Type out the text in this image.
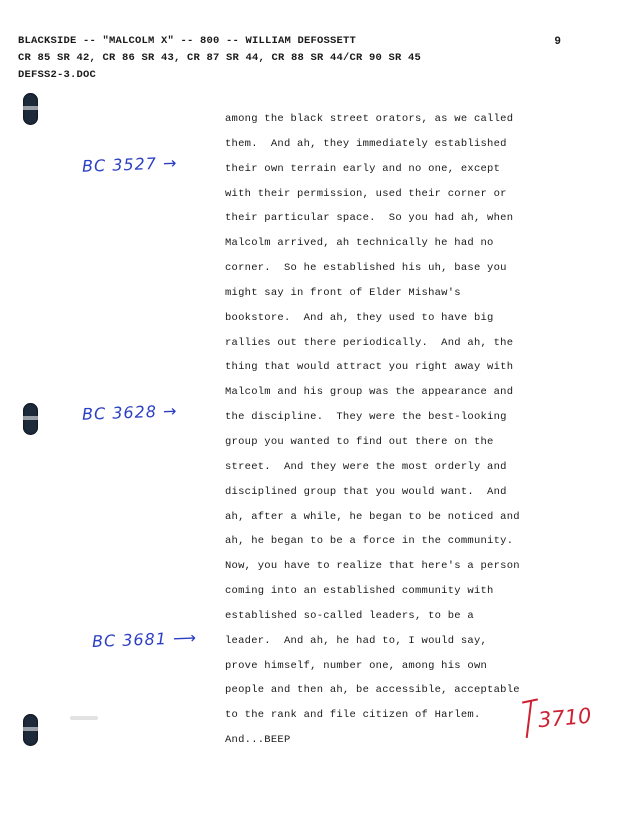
BLACKSIDE -- "MALCOLM X" -- 800 -- WILLIAM DEFOSSETT
CR 85 SR 42, CR 86 SR 43, CR 87 SR 44, CR 88 SR 44/CR 90 SR 45
DEFSS2-3.DOC
9
among the black street orators, as we called
them.  And ah, they immediately established
their own terrain early and no one, except
with their permission, used their corner or
their particular space.  So you had ah, when
Malcolm arrived, ah technically he had no
corner.  So he established his uh, base you
might say in front of Elder Mishaw's
bookstore.  And ah, they used to have big
rallies out there periodically.  And ah, the
thing that would attract you right away with
Malcolm and his group was the appearance and
the discipline.  They were the best-looking
group you wanted to find out there on the
street.  And they were the most orderly and
disciplined group that you would want.  And
ah, after a while, he began to be noticed and
ah, he began to be a force in the community.
Now, you have to realize that here's a person
coming into an established community with
established so-called leaders, to be a
leader.  And ah, he had to, I would say,
prove himself, number one, among his own
people and then ah, be accessible, acceptable
to the rank and file citizen of Harlem.
And...BEEP
BC 3527 →
BC 3628 →
BC 3681 ⟶
3710
